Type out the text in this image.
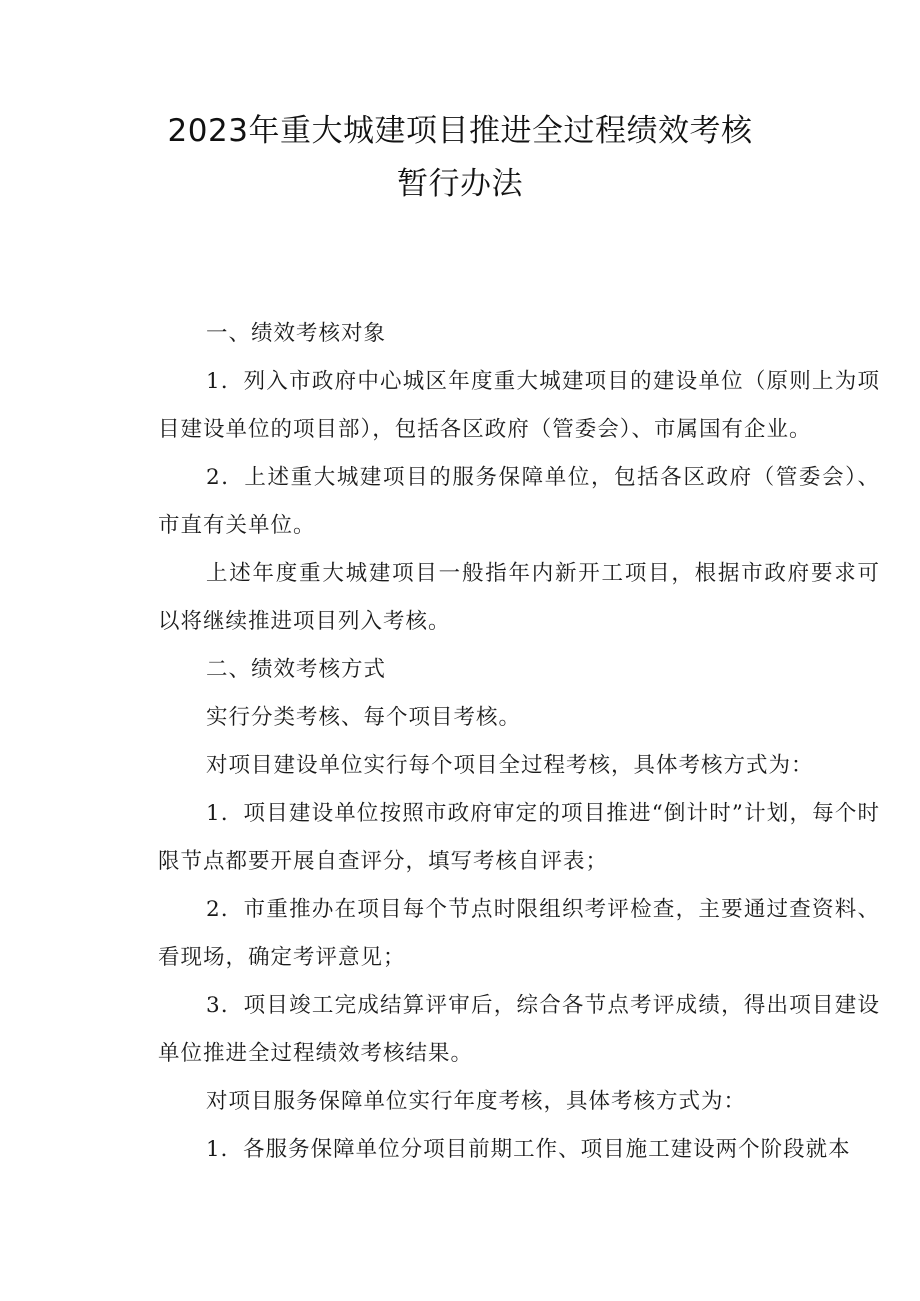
2023年重大城建项目推进全过程绩效考核
暂行办法

一、绩效考核对象

1．列入市政府中心城区年度重大城建项目的建设单位（原则上为项目建设单位的项目部），包括各区政府（管委会）、市属国有企业。

2．上述重大城建项目的服务保障单位，包括各区政府（管委会）、市直有关单位。

上述年度重大城建项目一般指年内新开工项目，根据市政府要求可以将继续推进项目列入考核。

二、绩效考核方式

实行分类考核、每个项目考核。

对项目建设单位实行每个项目全过程考核，具体考核方式为：

1．项目建设单位按照市政府审定的项目推进“倒计时”计划，每个时限节点都要开展自查评分，填写考核自评表；

2．市重推办在项目每个节点时限组织考评检查，主要通过查资料、看现场，确定考评意见；

3．项目竣工完成结算评审后，综合各节点考评成绩，得出项目建设单位推进全过程绩效考核结果。

对项目服务保障单位实行年度考核，具体考核方式为：

1．各服务保障单位分项目前期工作、项目施工建设两个阶段就本
